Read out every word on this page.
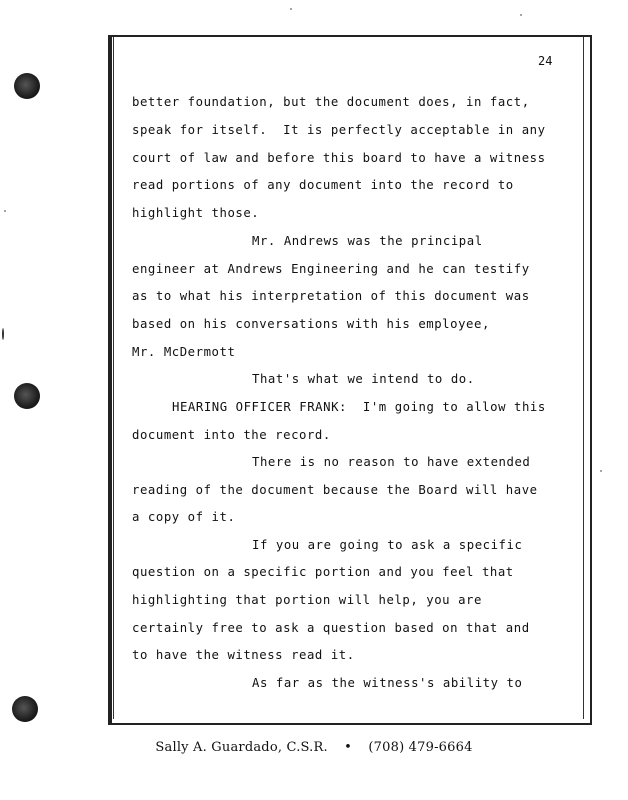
24
better foundation, but the document does, in fact,
speak for itself.  It is perfectly acceptable in any
court of law and before this board to have a witness
read portions of any document into the record to
highlight those.
Mr. Andrews was the principal
engineer at Andrews Engineering and he can testify
as to what his interpretation of this document was
based on his conversations with his employee,
Mr. McDermott
That's what we intend to do.
HEARING OFFICER FRANK:  I'm going to allow this
document into the record.
There is no reason to have extended
reading of the document because the Board will have
a copy of it.
If you are going to ask a specific
question on a specific portion and you feel that
highlighting that portion will help, you are
certainly free to ask a question based on that and
to have the witness read it.
As far as the witness's ability to
Sally A. Guardado, C.S.R. • (708) 479-6664
